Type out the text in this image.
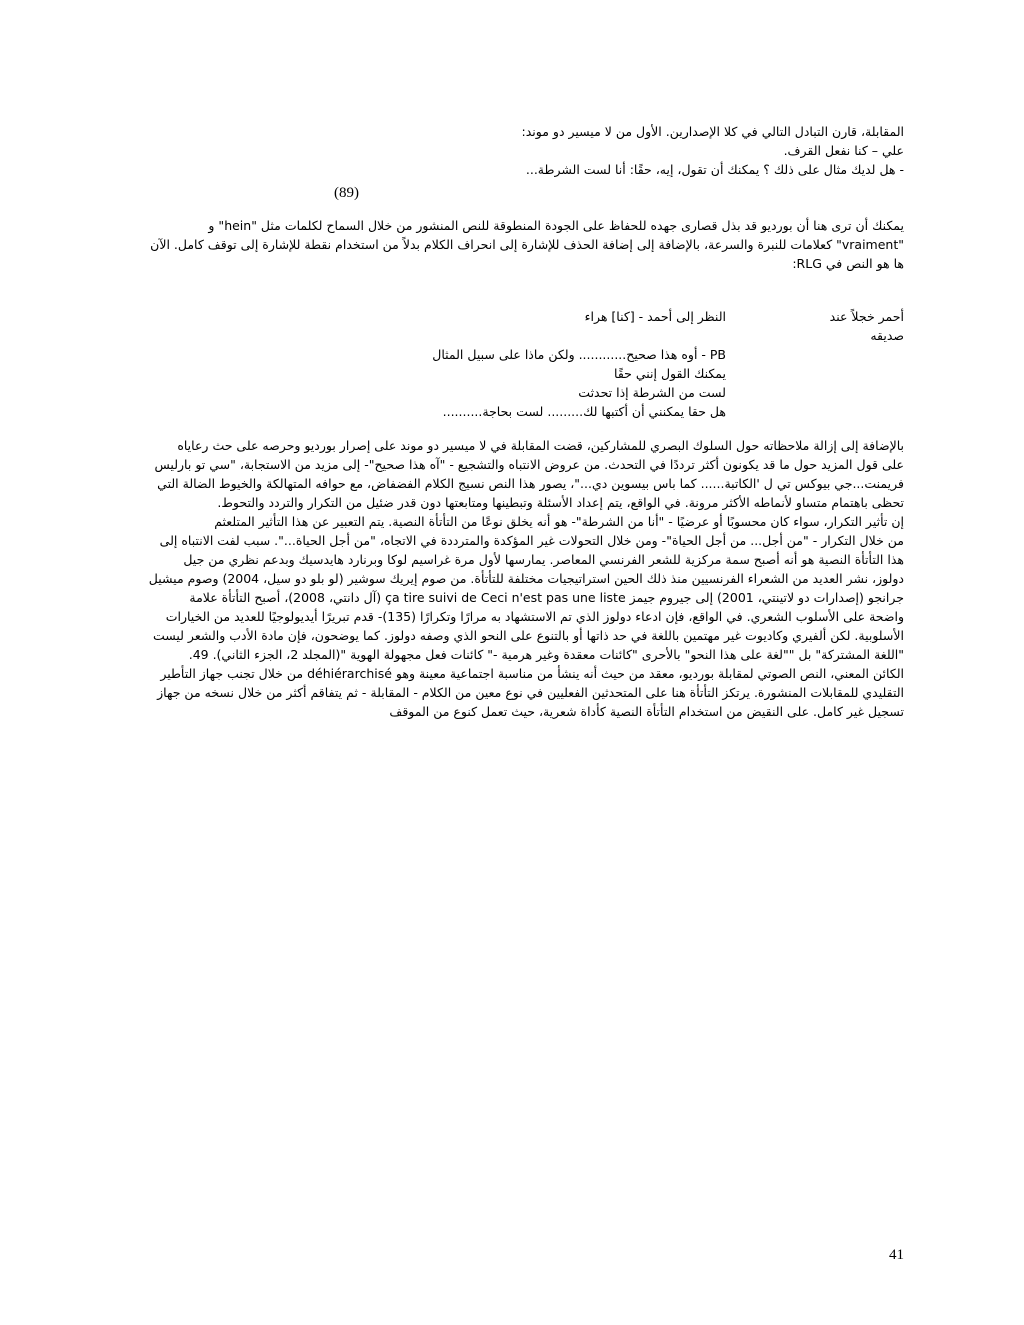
المقابلة، قارن التبادل التالي في كلا الإصدارين. الأول من لا ميسير دو موند:
علي – كنا نفعل القرف.
- هل لديك مثال على ذلك ؟ يمكنك أن تقول، إيه، حقًا: أنا لست الشرطة...
(89)
يمكنك أن ترى هنا أن بورديو قد بذل قصارى جهده للحفاظ على الجودة المنطوقة للنص المنشور من خلال السماح لكلمات مثل "hein" و
"vraiment" كعلامات للنبرة والسرعة، بالإضافة إلى إضافة الحذف للإشارة إلى انحراف الكلام بدلاً من استخدام نقطة للإشارة إلى توقف كامل. الآن
ها هو النص في RLG:
أحمر خجلاً عند
صديقه
النظر إلى أحمد - [كنا] هراء
PB - أوه هذا صحيح............ ولكن ماذا على سبيل المثال
يمكنك القول إنني حقًا
لست من الشرطة إذا تحدثت
هل حقا يمكنني أن أكتبها لك......... لست بحاجة..........
بالإضافة إلى إزالة ملاحظاته حول السلوك البصري للمشاركين، قضت المقابلة في لا ميسير دو موند على إصرار بورديو وحرصه على حث رعاياه
على قول المزيد حول ما قد يكونون أكثر ترددًا في التحدث. من عروض الانتباه والتشجيع - "آه هذا صحيح"- إلى مزيد من الاستجابة، "سي تو بارليس
فريمنت...جي بيوكس تي ل 'الكاتبة...... كما باس بيسوين دي..."، يصور هذا النص نسيج الكلام الفضفاض، مع حوافه المتهالكة والخيوط الضالة التي
تحظى باهتمام متساو لأنماطه الأكثر مرونة. في الواقع، يتم إعداد الأسئلة وتبطينها ومتابعتها دون قدر ضئيل من التكرار والتردد والتحوط.
إن تأثير التكرار، سواء كان محسوبًا أو عرضيًا - "أنا من الشرطة"- هو أنه يخلق نوعًا من التأتأة النصية. يتم التعبير عن هذا التأثير المتلعثم
من خلال التكرار - "من أجل... من أجل الحياة"- ومن خلال التحولات غير المؤكدة والمترددة في الاتجاه، "من أجل الحياة...". سبب لفت الانتباه إلى
هذا التأتأة النصية هو أنه أصبح سمة مركزية للشعر الفرنسي المعاصر. يمارسها لأول مرة غراسيم لوكا وبرنارد هايدسيك وبدعم نظري من جيل
دولوز، نشر العديد من الشعراء الفرنسيين منذ ذلك الحين استراتيجيات مختلفة للتأتأة. من صوم إيريك سوشير (لو بلو دو سيل، 2004) وصوم ميشيل
جرانجو (إصدارات دو لاتينتي، 2001) إلى جيروم جيمز ça tire suivi de Ceci n'est pas une liste (آل دانتي، 2008)، أصبح التأتأة علامة
واضحة على الأسلوب الشعري. في الواقع، فإن ادعاء دولوز الذي تم الاستشهاد به مرارًا وتكرارًا (135)- قدم تبريرًا أيديولوجيًا للعديد من الخيارات
الأسلوبية. لكن ألفيري وكاديوت غير مهتمين باللغة في حد ذاتها أو بالتنوع على النحو الذي وصفه دولوز. كما يوضحون، فإن مادة الأدب والشعر ليست
"اللغة المشتركة" بل ""لغة على هذا النحو" بالأحرى "كائنات معقدة وغير هرمية -" كائنات فعل مجهولة الهوية "(المجلد 2، الجزء الثاني). 49.
الكائن المعني، النص الصوتي لمقابلة بورديو، معقد من حيث أنه ينشأ من مناسبة اجتماعية معينة وهو déhiérarchisé من خلال تجنب جهاز التأطير
التقليدي للمقابلات المنشورة. يرتكز التأتأة هنا على المتحدثين الفعليين في نوع معين من الكلام - المقابلة - ثم يتفاقم أكثر من خلال نسخه من جهاز
تسجيل غير كامل. على النقيض من استخدام التأتأة النصية كأداة شعرية، حيث تعمل كنوع من الموقف
41
